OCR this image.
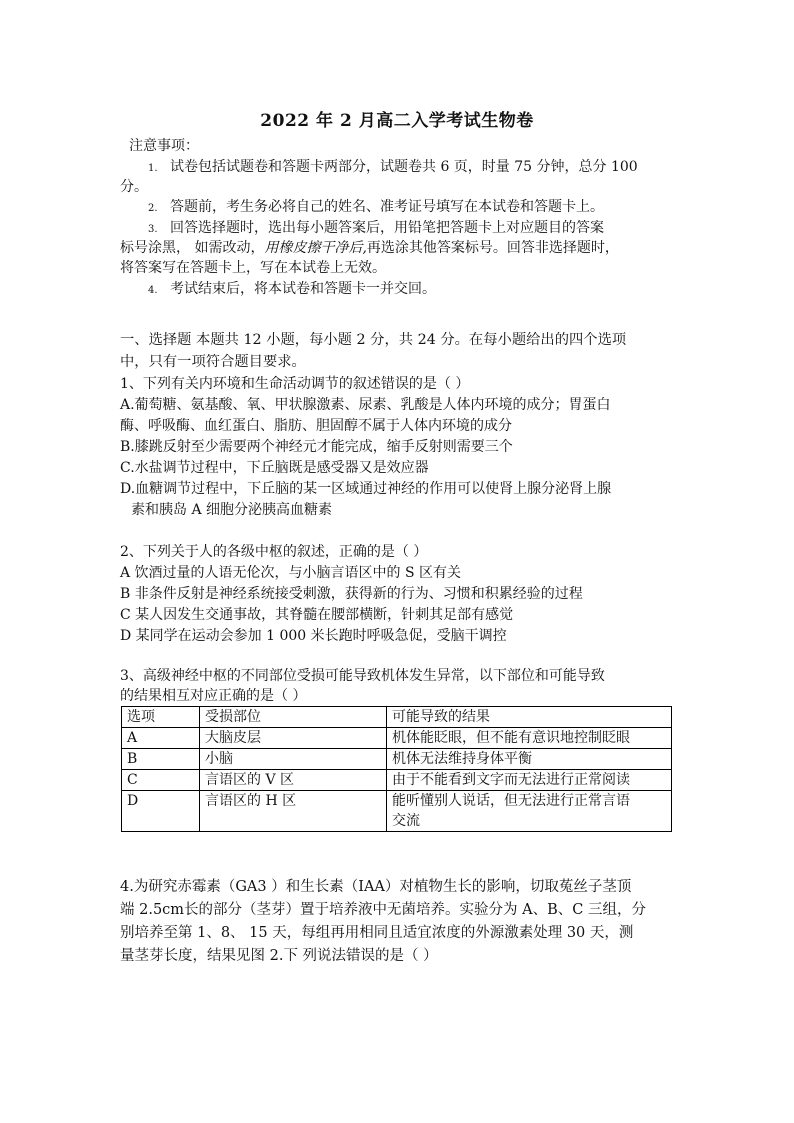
2022 年 2 月高二入学考试生物卷
注意事项：
1. 试卷包括试题卷和答题卡两部分，试题卷共 6 页，时量 75 分钟，总分 100
分。
2. 答题前，考生务必将自己的姓名、准考证号填写在本试卷和答题卡上。
3. 回答选择题时，选出每小题答案后，用铅笔把答题卡上对应题目的答案
标号涂黑， 如需改动，用橡皮擦干净后,再选涂其他答案标号。回答非选择题时，
将答案写在答题卡上，写在本试卷上无效。
4. 考试结束后，将本试卷和答题卡一并交回。
一、选择题 本题共 12 小题，每小题 2 分，共 24 分。在每小题给出的四个选项
中，只有一项符合题目要求。
1、下列有关内环境和生命活动调节的叙述错误的是（ ）
A.葡萄糖、氨基酸、氧、甲状腺激素、尿素、乳酸是人体内环境的成分；胃蛋白
酶、呼吸酶、血红蛋白、脂肪、胆固醇不属于人体内环境的成分
B.膝跳反射至少需要两个神经元才能完成，缩手反射则需要三个
C.水盐调节过程中，下丘脑既是感受器又是效应器
D.血糖调节过程中，下丘脑的某一区域通过神经的作用可以使肾上腺分泌肾上腺
素和胰岛 A 细胞分泌胰高血糖素
2、下列关于人的各级中枢的叙述，正确的是（ ）
A 饮酒过量的人语无伦次，与小脑言语区中的 S 区有关
B 非条件反射是神经系统接受刺激，获得新的行为、习惯和积累经验的过程
C 某人因发生交通事故，其脊髓在腰部横断，针刺其足部有感觉
D 某同学在运动会参加 1 000 米长跑时呼吸急促，受脑干调控
3、高级神经中枢的不同部位受损可能导致机体发生异常，以下部位和可能导致
的结果相互对应正确的是（ ）
选项	受损部位	可能导致的结果
A	大脑皮层	机体能眨眼，但不能有意识地控制眨眼
B	小脑	机体无法维持身体平衡
C	言语区的 V 区	由于不能看到文字而无法进行正常阅读
D	言语区的 H 区	能听懂别人说话，但无法进行正常言语
交流
4.为研究赤霉素（GA3 ）和生长素（IAA）对植物生长的影响，切取菟丝子茎顶
端 2.5cm长的部分（茎芽）置于培养液中无菌培养。实验分为 A、B、C 三组，分
别培养至第 1、8、 15 天，每组再用相同且适宜浓度的外源激素处理 30 天，测
量茎芽长度，结果见图 2.下 列说法错误的是（ ）
